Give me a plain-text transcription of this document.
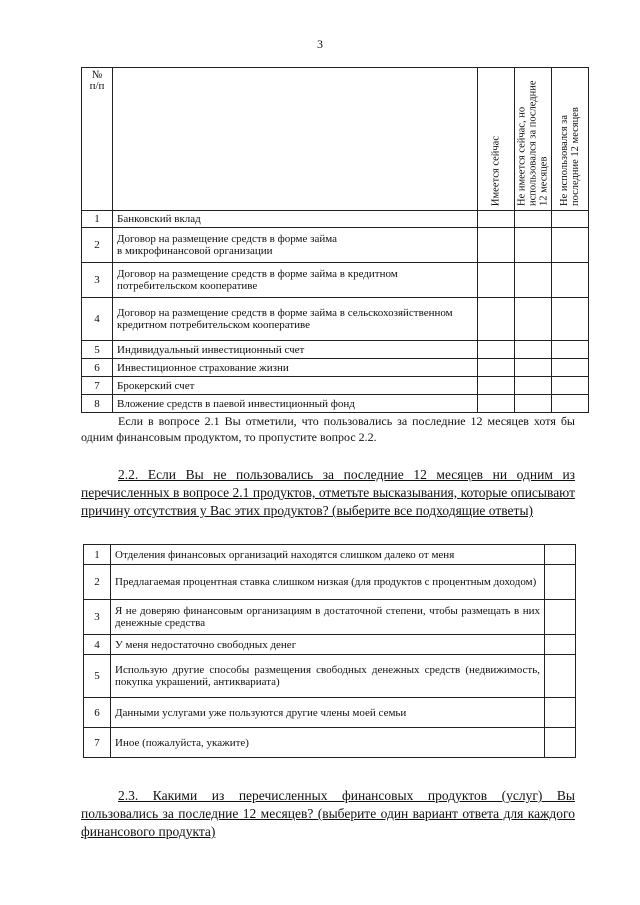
3
№
п/п		Имеется сейчас	Не имеется сейчас, но использовался за последние 12 месяцев	Не использовался за последние 12 месяцев

1	Банковский вклад			
2	Договор на размещение средств в форме займа
в микрофинансовой организации			
3	Договор на размещение средств в форме займа в кредитном потребительском кооперативе			
4	Договор на размещение средств в форме займа в сельскохозяйственном кредитном потребительском кооперативе			
5	Индивидуальный инвестиционный счет			
6	Инвестиционное страхование жизни			
7	Брокерский счет			
8	Вложение средств в паевой инвестиционный фонд			
Если в вопросе 2.1 Вы отметили, что пользовались за последние 12 месяцев хотя бы одним финансовым продуктом, то пропустите вопрос 2.2.
2.2. Если Вы не пользовались за последние 12 месяцев ни одним из перечисленных в вопросе 2.1 продуктов, отметьте высказывания, которые описывают причину отсутствия у Вас этих продуктов? (выберите все подходящие ответы)
1	Отделения финансовых организаций находятся слишком далеко от меня	
2	Предлагаемая процентная ставка слишком низкая (для продуктов с процентным доходом)	
3	Я не доверяю финансовым организациям в достаточной степени, чтобы размещать в них денежные средства	
4	У меня недостаточно свободных денег	
5	Использую другие способы размещения свободных денежных средств (недвижимость, покупка украшений, антиквариата)	
6	Данными услугами уже пользуются другие члены моей семьи	
7	Иное (пожалуйста, укажите)	
2.3. Какими из перечисленных финансовых продуктов (услуг) Вы пользовались за последние 12 месяцев? (выберите один вариант ответа для каждого финансового продукта)
